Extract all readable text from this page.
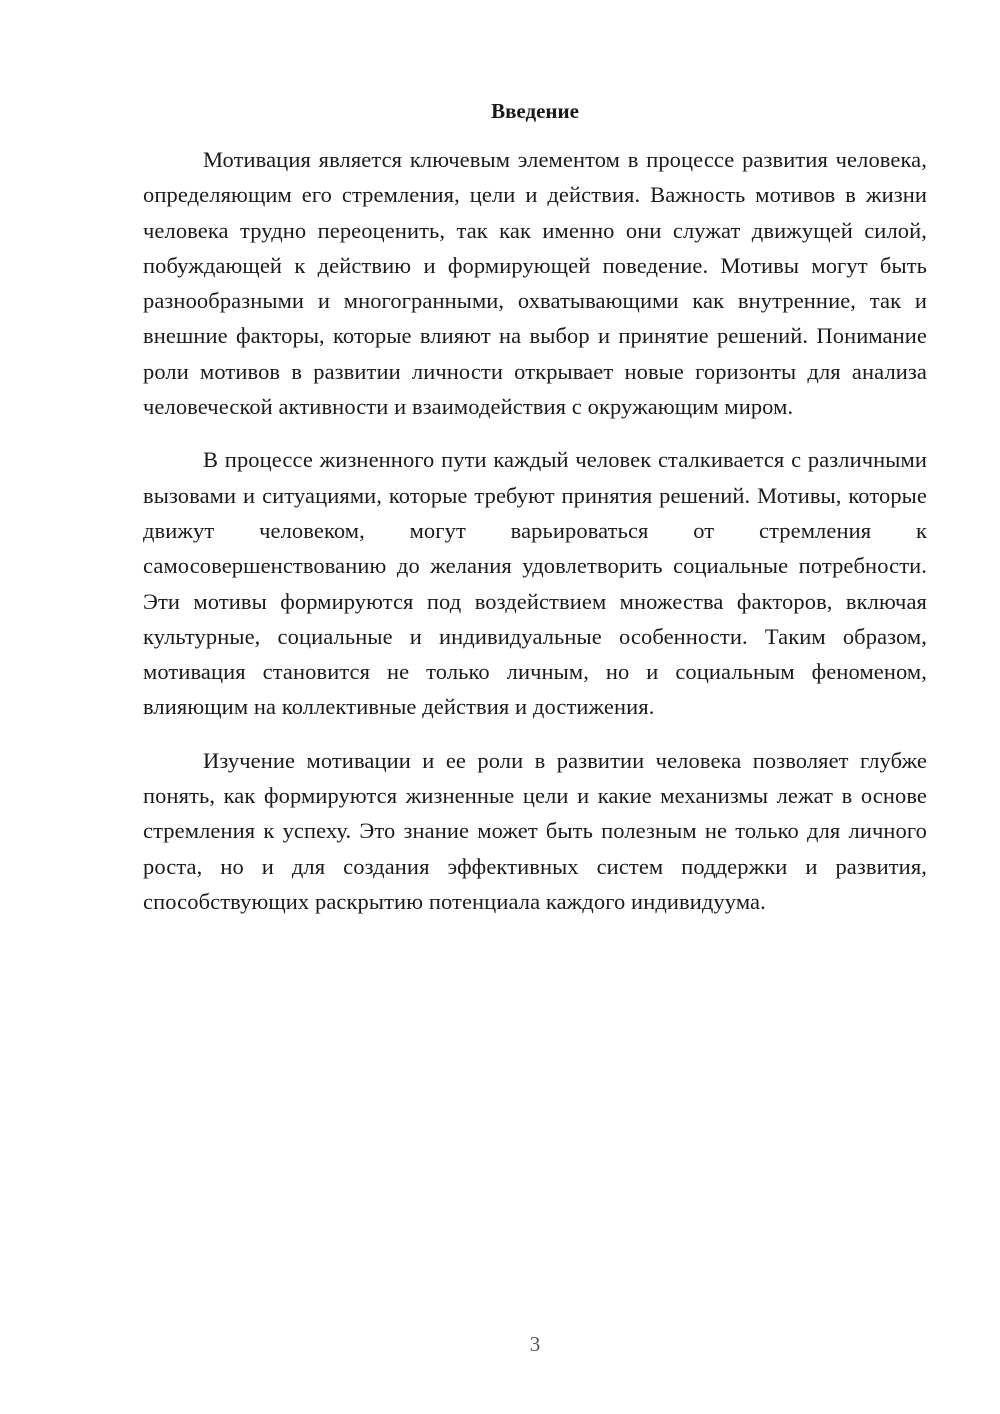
Введение

Мотивация является ключевым элементом в процессе развития человека, определяющим его стремления, цели и действия. Важность мотивов в жизни человека трудно переоценить, так как именно они служат движущей силой, побуждающей к действию и формирующей поведение. Мотивы могут быть разнообразными и многогранными, охватывающими как внутренние, так и внешние факторы, которые влияют на выбор и принятие решений. Понимание роли мотивов в развитии личности открывает новые горизонты для анализа человеческой активности и взаимодействия с окружающим миром.

В процессе жизненного пути каждый человек сталкивается с различными вызовами и ситуациями, которые требуют принятия решений. Мотивы, которые движут человеком, могут варьироваться от стремления к самосовершенствованию до желания удовлетворить социальные потребности. Эти мотивы формируются под воздействием множества факторов, включая культурные, социальные и индивидуальные особенности. Таким образом, мотивация становится не только личным, но и социальным феноменом, влияющим на коллективные действия и достижения.

Изучение мотивации и ее роли в развитии человека позволяет глубже понять, как формируются жизненные цели и какие механизмы лежат в основе стремления к успеху. Это знание может быть полезным не только для личного роста, но и для создания эффективных систем поддержки и развития, способствующих раскрытию потенциала каждого индивидуума.

3
